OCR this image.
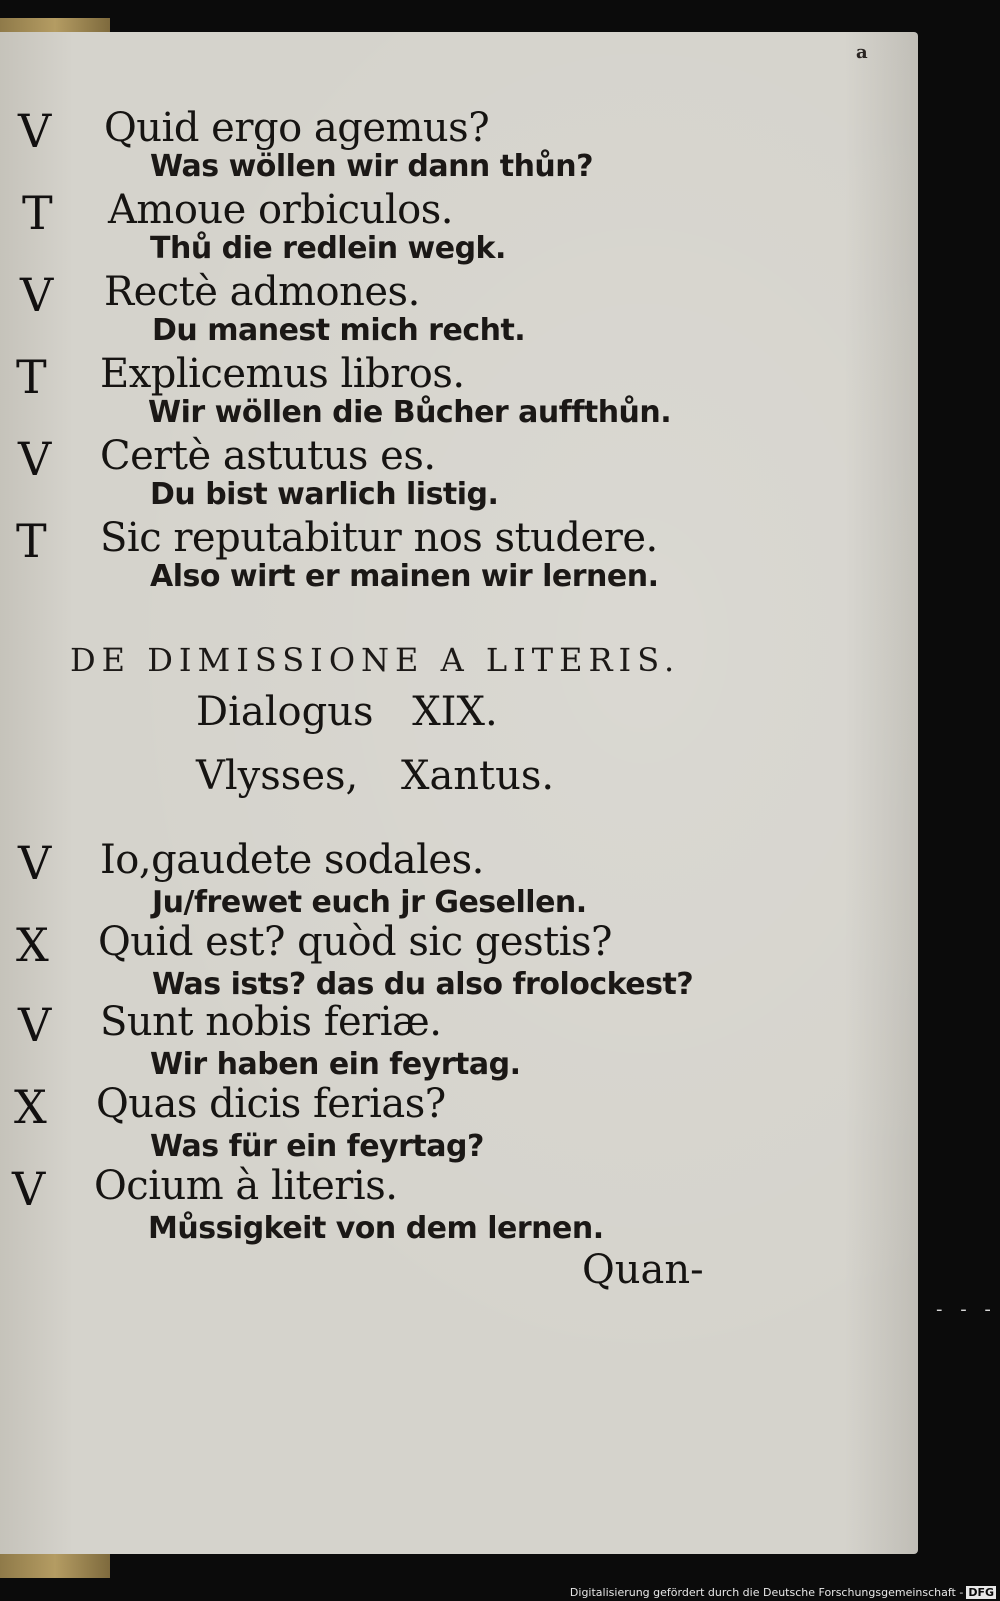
a
V Quid ergo agemus?
Was wöllen wir dann thůn?
T Amoue orbiculos.
Thů die redlein wegk.
V Rectè admones.
Du manest mich recht.
T Explicemus libros.
Wir wöllen die Bůcher auffthůn.
V Certè astutus es.
Du bist warlich listig.
T Sic reputabitur nos studere.
Also wirt er mainen wir lernen.
DE DIMISSIONE A LITERIS.
Dialogus XIX.
Vlysses, Xantus.
V Io,gaudete sodales.
Ju/frewet euch jr Gesellen.
X Quid est? quòd sic gestis?
Was ists? das du also frolockest?
V Sunt nobis feriæ.
Wir haben ein feyrtag.
X Quas dicis ferias?
Was für ein feyrtag?
V Ocium à literis.
Můssigkeit von dem lernen.
Quan-
- - -
Digitalisierung gefördert durch die Deutsche Forschungsgemeinschaft - DFG
